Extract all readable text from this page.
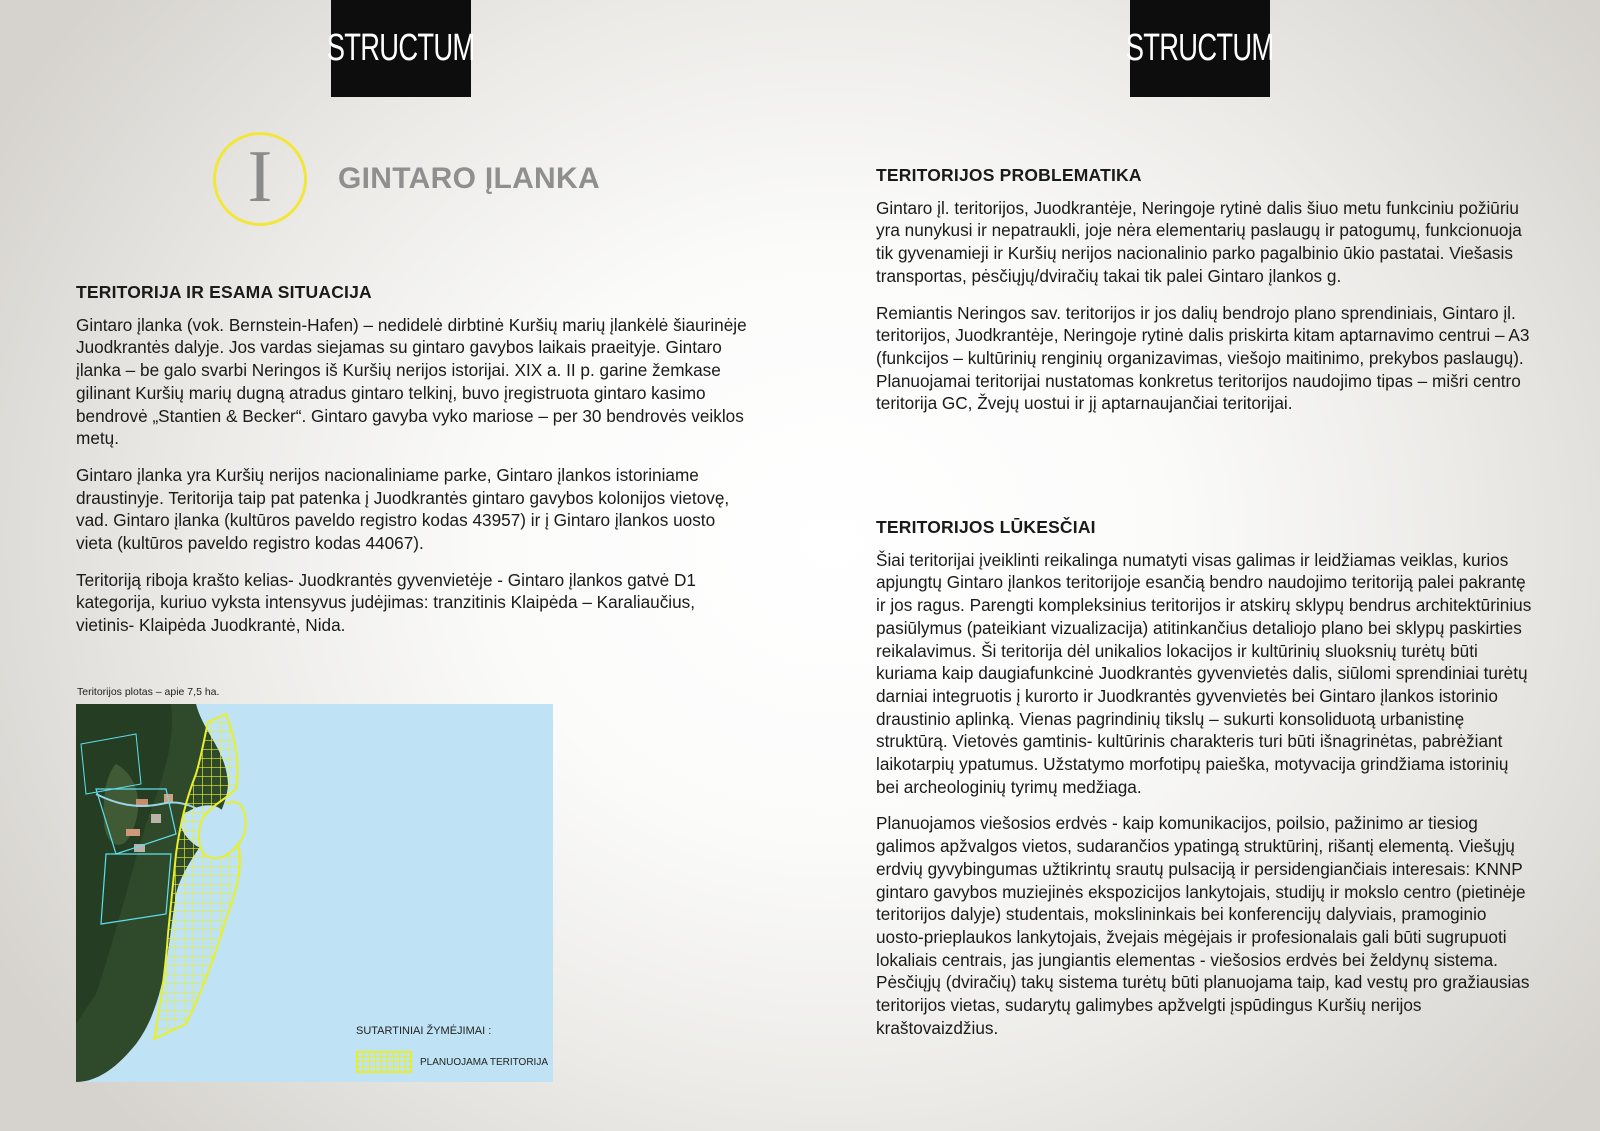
STRUCTUM	STRUCTUM
I GINTARO ĮLANKA
TERITORIJA IR ESAMA SITUACIJA

Gintaro įlanka (vok. Bernstein-Hafen) – nedidelė dirbtinė Kuršių marių įlankėlė šiaurinėje Juodkrantės dalyje. Jos vardas siejamas su gintaro gavybos laikais praeityje. Gintaro įlanka – be galo svarbi Neringos iš Kuršių nerijos istorijai. XIX a. II p. garine žemkase gilinant Kuršių marių dugną atradus gintaro telkinį, buvo įregistruota gintaro kasimo bendrovė „Stantien & Becker“. Gintaro gavyba vyko mariose – per 30 bendrovės veiklos metų.

Gintaro įlanka yra Kuršių nerijos nacionaliniame parke, Gintaro įlankos istoriniame draustinyje. Teritorija taip pat patenka į Juodkrantės gintaro gavybos kolonijos vietovę, vad. Gintaro įlanka (kultūros paveldo registro kodas 43957) ir į Gintaro įlankos uosto vieta (kultūros paveldo registro kodas 44067).

Teritoriją riboja krašto kelias- Juodkrantės gyvenvietėje - Gintaro įlankos gatvė D1 kategorija, kuriuo vyksta intensyvus judėjimas: tranzitinis Klaipėda – Karaliaučius, vietinis- Klaipėda Juodkrantė, Nida.

Teritorijos plotas – apie 7,5 ha.
SUTARTINIAI ŽYMĖJIMAI :
PLANUOJAMA TERITORIJA
TERITORIJOS PROBLEMATIKA

Gintaro įl. teritorijos, Juodkrantėje, Neringoje rytinė dalis šiuo metu funkciniu požiūriu yra nunykusi ir nepatraukli, joje nėra elementarių paslaugų ir patogumų, funkcionuoja tik gyvenamieji ir Kuršių nerijos nacionalinio parko pagalbinio ūkio pastatai. Viešasis transportas, pėsčiųjų/dviračių takai tik palei Gintaro įlankos g.

Remiantis Neringos sav. teritorijos ir jos dalių bendrojo plano sprendiniais, Gintaro įl. teritorijos, Juodkrantėje, Neringoje rytinė dalis priskirta kitam aptarnavimo centrui – A3 (funkcijos – kultūrinių renginių organizavimas, viešojo maitinimo, prekybos paslaugų). Planuojamai teritorijai nustatomas konkretus teritorijos naudojimo tipas – mišri centro teritorija GC, Žvejų uostui ir jį aptarnaujančiai teritorijai.

TERITORIJOS LŪKESČIAI

Šiai teritorijai įveiklinti reikalinga numatyti visas galimas ir leidžiamas veiklas, kurios apjungtų Gintaro įlankos teritorijoje esančią bendro naudojimo teritoriją palei pakrantę ir jos ragus. Parengti kompleksinius teritorijos ir atskirų sklypų bendrus architektūrinius pasiūlymus (pateikiant vizualizacija) atitinkančius detaliojo plano bei sklypų paskirties reikalavimus. Ši teritorija dėl unikalios lokacijos ir kultūrinių sluoksnių turėtų būti kuriama kaip daugiafunkcinė Juodkrantės gyvenvietės dalis, siūlomi sprendiniai turėtų darniai integruotis į kurorto ir Juodkrantės gyvenvietės bei Gintaro įlankos istorinio draustinio aplinką. Vienas pagrindinių tikslų – sukurti konsoliduotą urbanistinę struktūrą. Vietovės gamtinis- kultūrinis charakteris turi būti išnagrinėtas, pabrėžiant laikotarpių ypatumus. Užstatymo morfotipų paieška, motyvacija grindžiama istorinių bei archeologinių tyrimų medžiaga.

Planuojamos viešosios erdvės - kaip komunikacijos, poilsio, pažinimo ar tiesiog galimos apžvalgos vietos, sudarančios ypatingą struktūrinį, rišantį elementą. Viešųjų erdvių gyvybingumas užtikrintų srautų pulsaciją ir persidengiančiais interesais: KNNP gintaro gavybos muziejinės ekspozicijos lankytojais, studijų ir mokslo centro (pietinėje teritorijos dalyje) studentais, mokslininkais bei konferencijų dalyviais, pramoginio uosto-prieplaukos lankytojais, žvejais mėgėjais ir profesionalais gali būti sugrupuoti lokaliais centrais, jas jungiantis elementas - viešosios erdvės bei želdynų sistema. Pėsčiųjų (dviračių) takų sistema turėtų būti planuojama taip, kad vestų pro gražiausias teritorijos vietas, sudarytų galimybes apžvelgti įspūdingus Kuršių nerijos kraštovaizdžius.
